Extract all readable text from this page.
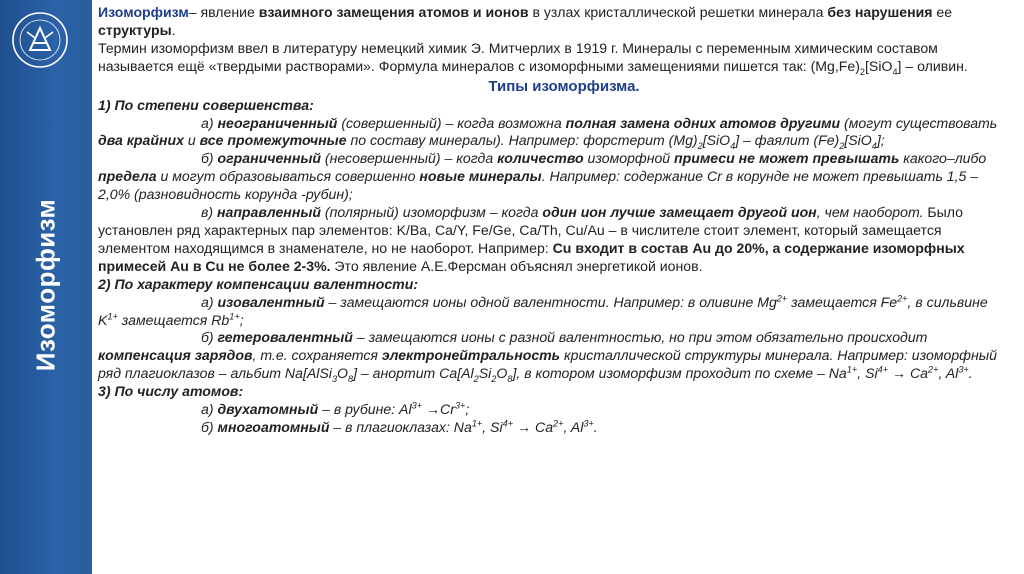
Изоморфизм

Изоморфизм– явление взаимного замещения атомов и ионов в узлах кристаллической решетки минерала без нарушения ее структуры.

Термин изоморфизм ввел в литературу немецкий химик Э. Митчерлих в 1919 г. Минералы с переменным химическим составом называется ещё «твердыми растворами». Формула минералов с изоморфными замещениями пишется так: $(Mg,Fe)_2[SiO_4]$ – оливин.

Типы изоморфизма.

1) По степени совершенства:

а) неограниченный (совершенный) – когда возможна полная замена одних атомов другими (могут существовать два крайних и все промежуточные по составу минералы). Например: форстерит $(Mg)_2[SiO_4]$ – фаялит $(Fe)_2[SiO_4]$;

б) ограниченный (несовершенный) – когда количество изоморфной примеси не может превышать какого–либо предела и могут образовываться совершенно новые минералы. Например: содержание Cr в корунде не может превышать 1,5 – 2,0% (разновидность корунда -рубин);

в) направленный (полярный) изоморфизм – когда один ион лучше замещает другой ион, чем наоборот. Было установлен ряд характерных пар элементов: K/Ba, Ca/Y, Fe/Ge, Ca/Th, Cu/Au – в числителе стоит элемент, который замещается элементом находящимся в знаменателе, но не наоборот. Например: Cu входит в состав Au до 20%, а содержание изоморфных примесей Au в Cu не более 2-3%. Это явление А.Е.Ферсман объяснял энергетикой ионов.

2) По характеру компенсации валентности:

а) изовалентный – замещаются ионы одной валентности. Например: в оливине $Mg^{2+}$ замещается $Fe^{2+}$, в сильвине $K^{1+}$ замещается $Rb^{1+}$;

б) гетеровалентный – замещаются ионы с разной валентностью, но при этом обязательно происходит компенсация зарядов, т.е. сохраняется электронейтральность кристаллической структуры минерала. Например: изоморфный ряд плагиоклазов – альбит $Na[AlSi_3O_8]$ – анортит $Ca[Al_2Si_2O_8]$, в котором изоморфизм проходит по схеме – $Na^{1+}$, $Si^{4+} \to Ca^{2+}$, $Al^{3+}$.

3) По числу атомов:

а) двухатомный – в рубине: $Al^{3+} \to Cr^{3+}$;

б) многоатомный – в плагиоклазах: $Na^{1+}$, $Si^{4+} \to Ca^{2+}$, $Al^{3+}$.
